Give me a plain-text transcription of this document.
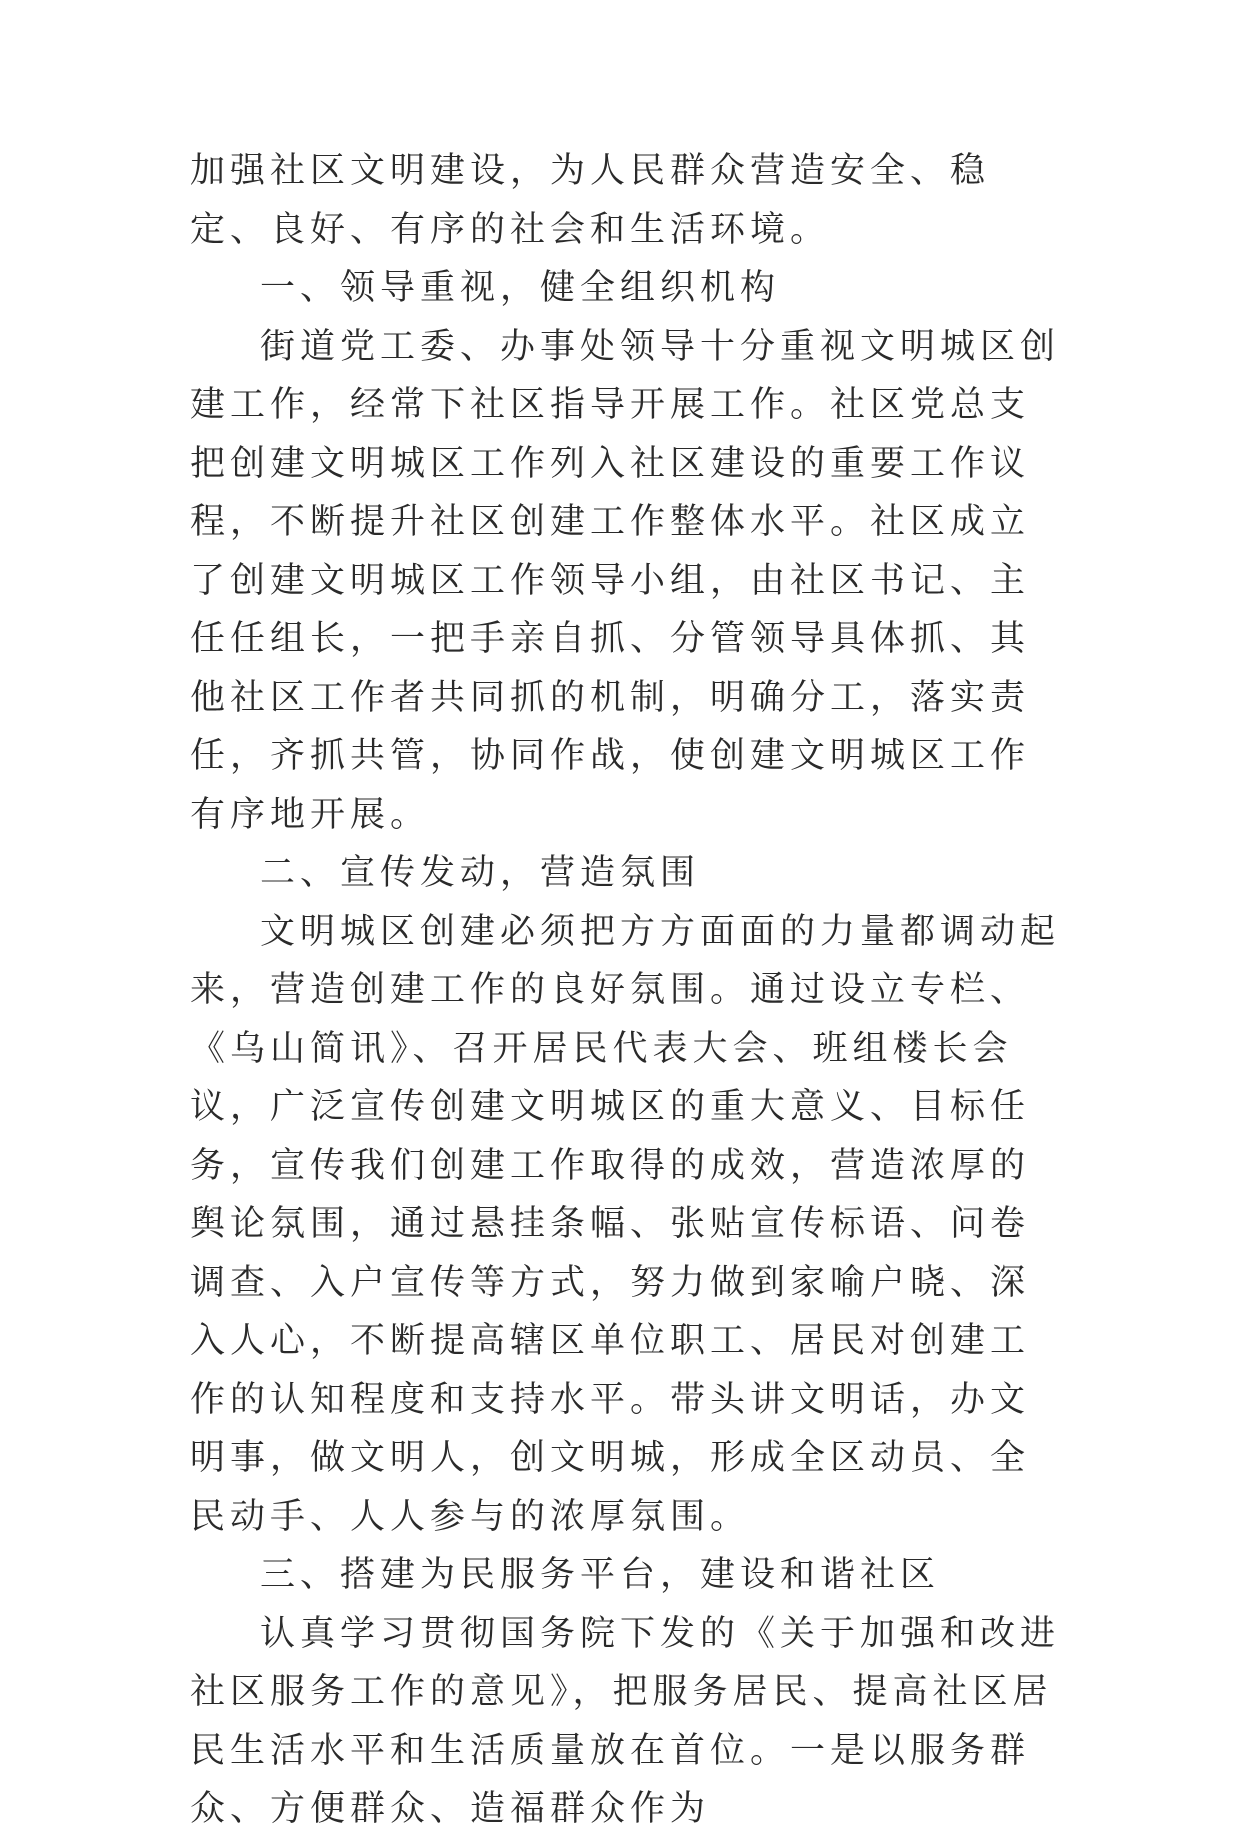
加强社区文明建设，为人民群众营造安全、稳定、良好、有序的社会和生活环境。

一、领导重视，健全组织机构

街道党工委、办事处领导十分重视文明城区创建工作，经常下社区指导开展工作。社区党总支把创建文明城区工作列入社区建设的重要工作议程，不断提升社区创建工作整体水平。社区成立了创建文明城区工作领导小组，由社区书记、主任任组长，一把手亲自抓、分管领导具体抓、其他社区工作者共同抓的机制，明确分工，落实责任，齐抓共管，协同作战，使创建文明城区工作有序地开展。

二、宣传发动，营造氛围

文明城区创建必须把方方面面的力量都调动起来，营造创建工作的良好氛围。通过设立专栏、《乌山简讯》、召开居民代表大会、班组楼长会议，广泛宣传创建文明城区的重大意义、目标任务，宣传我们创建工作取得的成效，营造浓厚的舆论氛围，通过悬挂条幅、张贴宣传标语、问卷调查、入户宣传等方式，努力做到家喻户晓、深入人心，不断提高辖区单位职工、居民对创建工作的认知程度和支持水平。带头讲文明话，办文明事，做文明人，创文明城，形成全区动员、全民动手、人人参与的浓厚氛围。

三、搭建为民服务平台，建设和谐社区

认真学习贯彻国务院下发的《关于加强和改进社区服务工作的意见》，把服务居民、提高社区居民生活水平和生活质量放在首位。一是以服务群众、方便群众、造福群众作为
